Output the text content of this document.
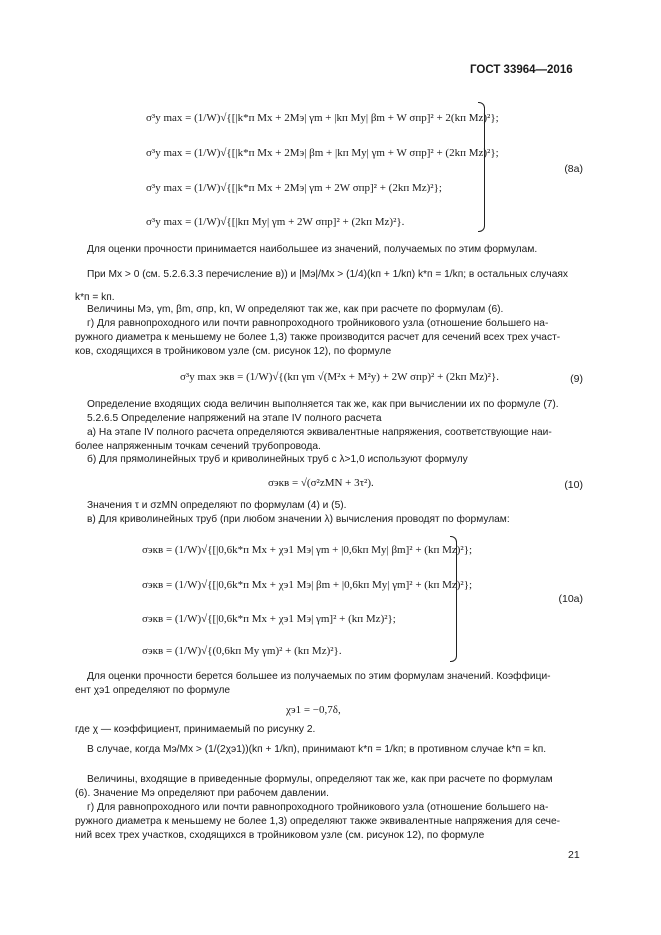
ГОСТ 33964—2016
σ³y max = (1/W)√{[|k*п Mx + 2Mэ| γm + |kп My| βm + W σпр]² + 2(kп Mz)²};
σ³y max = (1/W)√{[|k*п Mx + 2Mэ| βm + |kп My| γm + W σпр]² + (2kп Mz)²};
σ³y max = (1/W)√{[|k*п Mx + 2Mэ| γm + 2W σпр]² + (2kп Mz)²};
σ³y max = (1/W)√{[|kп My| γm + 2W σпр]² + (2kп Mz)²}.
(8а)
Для оценки прочности принимается наибольшее из значений, получаемых по этим формулам.
При Mx > 0 (см. 5.2.6.3.3 перечисление в)) и |Mэ|/Mx > (1/4)(kп + 1/kп) k*п = 1/kп; в остальных случаях
k*п = kп.
Величины Mэ, γm, βm, σпр, kп, W определяют так же, как при расчете по формулам (6).
г) Для равнопроходного или почти равнопроходного тройникового узла (отношение большего на-
ружного диаметра к меньшему не более 1,3) также производится расчет для сечений всех трех участ-
ков, сходящихся в тройниковом узле (см. рисунок 12), по формуле
σ³y max экв = (1/W)√{(kп γm √(M²x + M²y) + 2W σпр)² + (2kп Mz)²}.	(9)
Определение входящих сюда величин выполняется так же, как при вычислении их по формуле (7).
5.2.6.5 Определение напряжений на этапе IV полного расчета
а) На этапе IV полного расчета определяются эквивалентные напряжения, соответствующие наи-
более напряженным точкам сечений трубопровода.
б) Для прямолинейных труб и криволинейных труб с λ>1,0 используют формулу
σэкв = √(σ²zMN + 3τ²).	(10)
Значения τ и σzMN определяют по формулам (4) и (5).
в) Для криволинейных труб (при любом значении λ) вычисления проводят по формулам:
σэкв = (1/W)√{[|0,6k*п Mx + χэ1 Mэ| γm + |0,6kп My| βm]² + (kп Mz)²};
σэкв = (1/W)√{[|0,6k*п Mx + χэ1 Mэ| βm + |0,6kп My| γm]² + (kп Mz)²};
σэкв = (1/W)√{[|0,6k*п Mx + χэ1 Mэ| γm]² + (kп Mz)²};
σэкв = (1/W)√{(0,6kп My γm)² + (kп Mz)²}.
(10а)
Для оценки прочности берется большее из получаемых по этим формулам значений. Коэффици-
ент χэ1 определяют по формуле
χэ1 = −0,7δ,
где χ — коэффициент, принимаемый по рисунку 2.
В случае, когда Mэ/Mx > (1/(2χэ1))(kп + 1/kп), принимают k*п = 1/kп; в противном случае k*п = kп.
Величины, входящие в приведенные формулы, определяют так же, как при расчете по формулам
(6). Значение Mэ определяют при рабочем давлении.
г) Для равнопроходного или почти равнопроходного тройникового узла (отношение большего на-
ружного диаметра к меньшему не более 1,3) определяют также эквивалентные напряжения для сече-
ний всех трех участков, сходящихся в тройниковом узле (см. рисунок 12), по формуле
21
